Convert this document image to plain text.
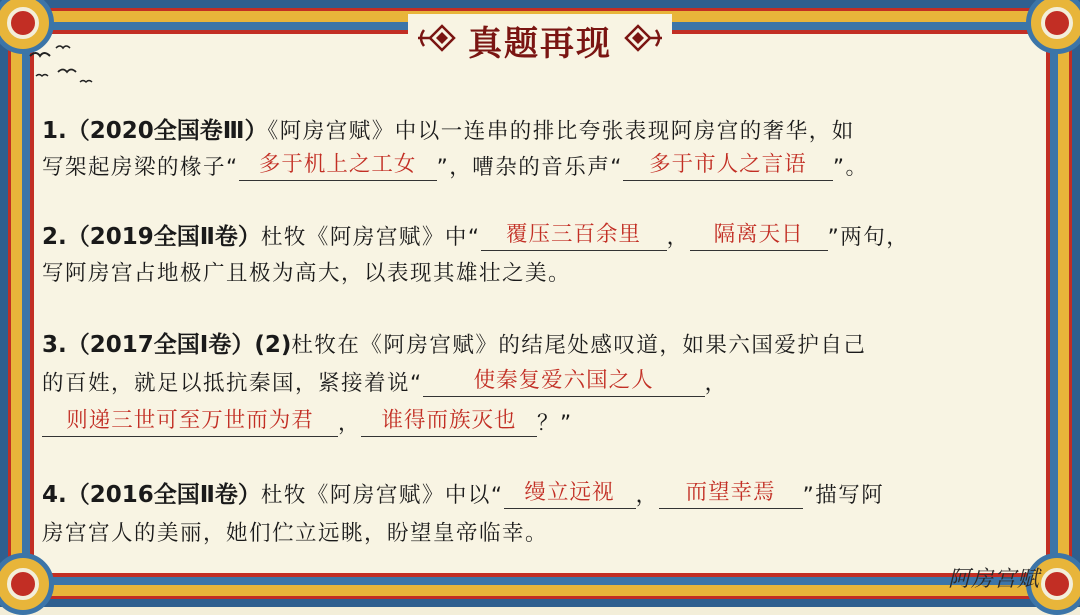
真题再现
1.（2020全国卷Ⅲ）《阿房宫赋》中以一连串的排比夸张表现阿房宫的奢华，如
写架起房梁的椽子“ 多于机上之工女 ”，嘈杂的音乐声“	多于市人之言语	”。
2.（2019全国Ⅱ卷）杜牧《阿房宫赋》中“	覆压三百余里	，	隔离天日	”两句，
写阿房宫占地极广且极为高大，以表现其雄壮之美。
3.（2017全国Ⅰ卷）(2)杜牧在《阿房宫赋》的结尾处感叹道，如果六国爱护自己
的百姓，就足以抵抗秦国，紧接着说“	使秦复爱六国之人	，
则递三世可至万世而为君	， 谁得而族灭也 ？”
4.（2016全国Ⅱ卷）杜牧《阿房宫赋》中以“ 缦立远视 ，	而望幸焉	”描写阿
房宫宫人的美丽，她们伫立远眺，盼望皇帝临幸。
阿房宫赋
